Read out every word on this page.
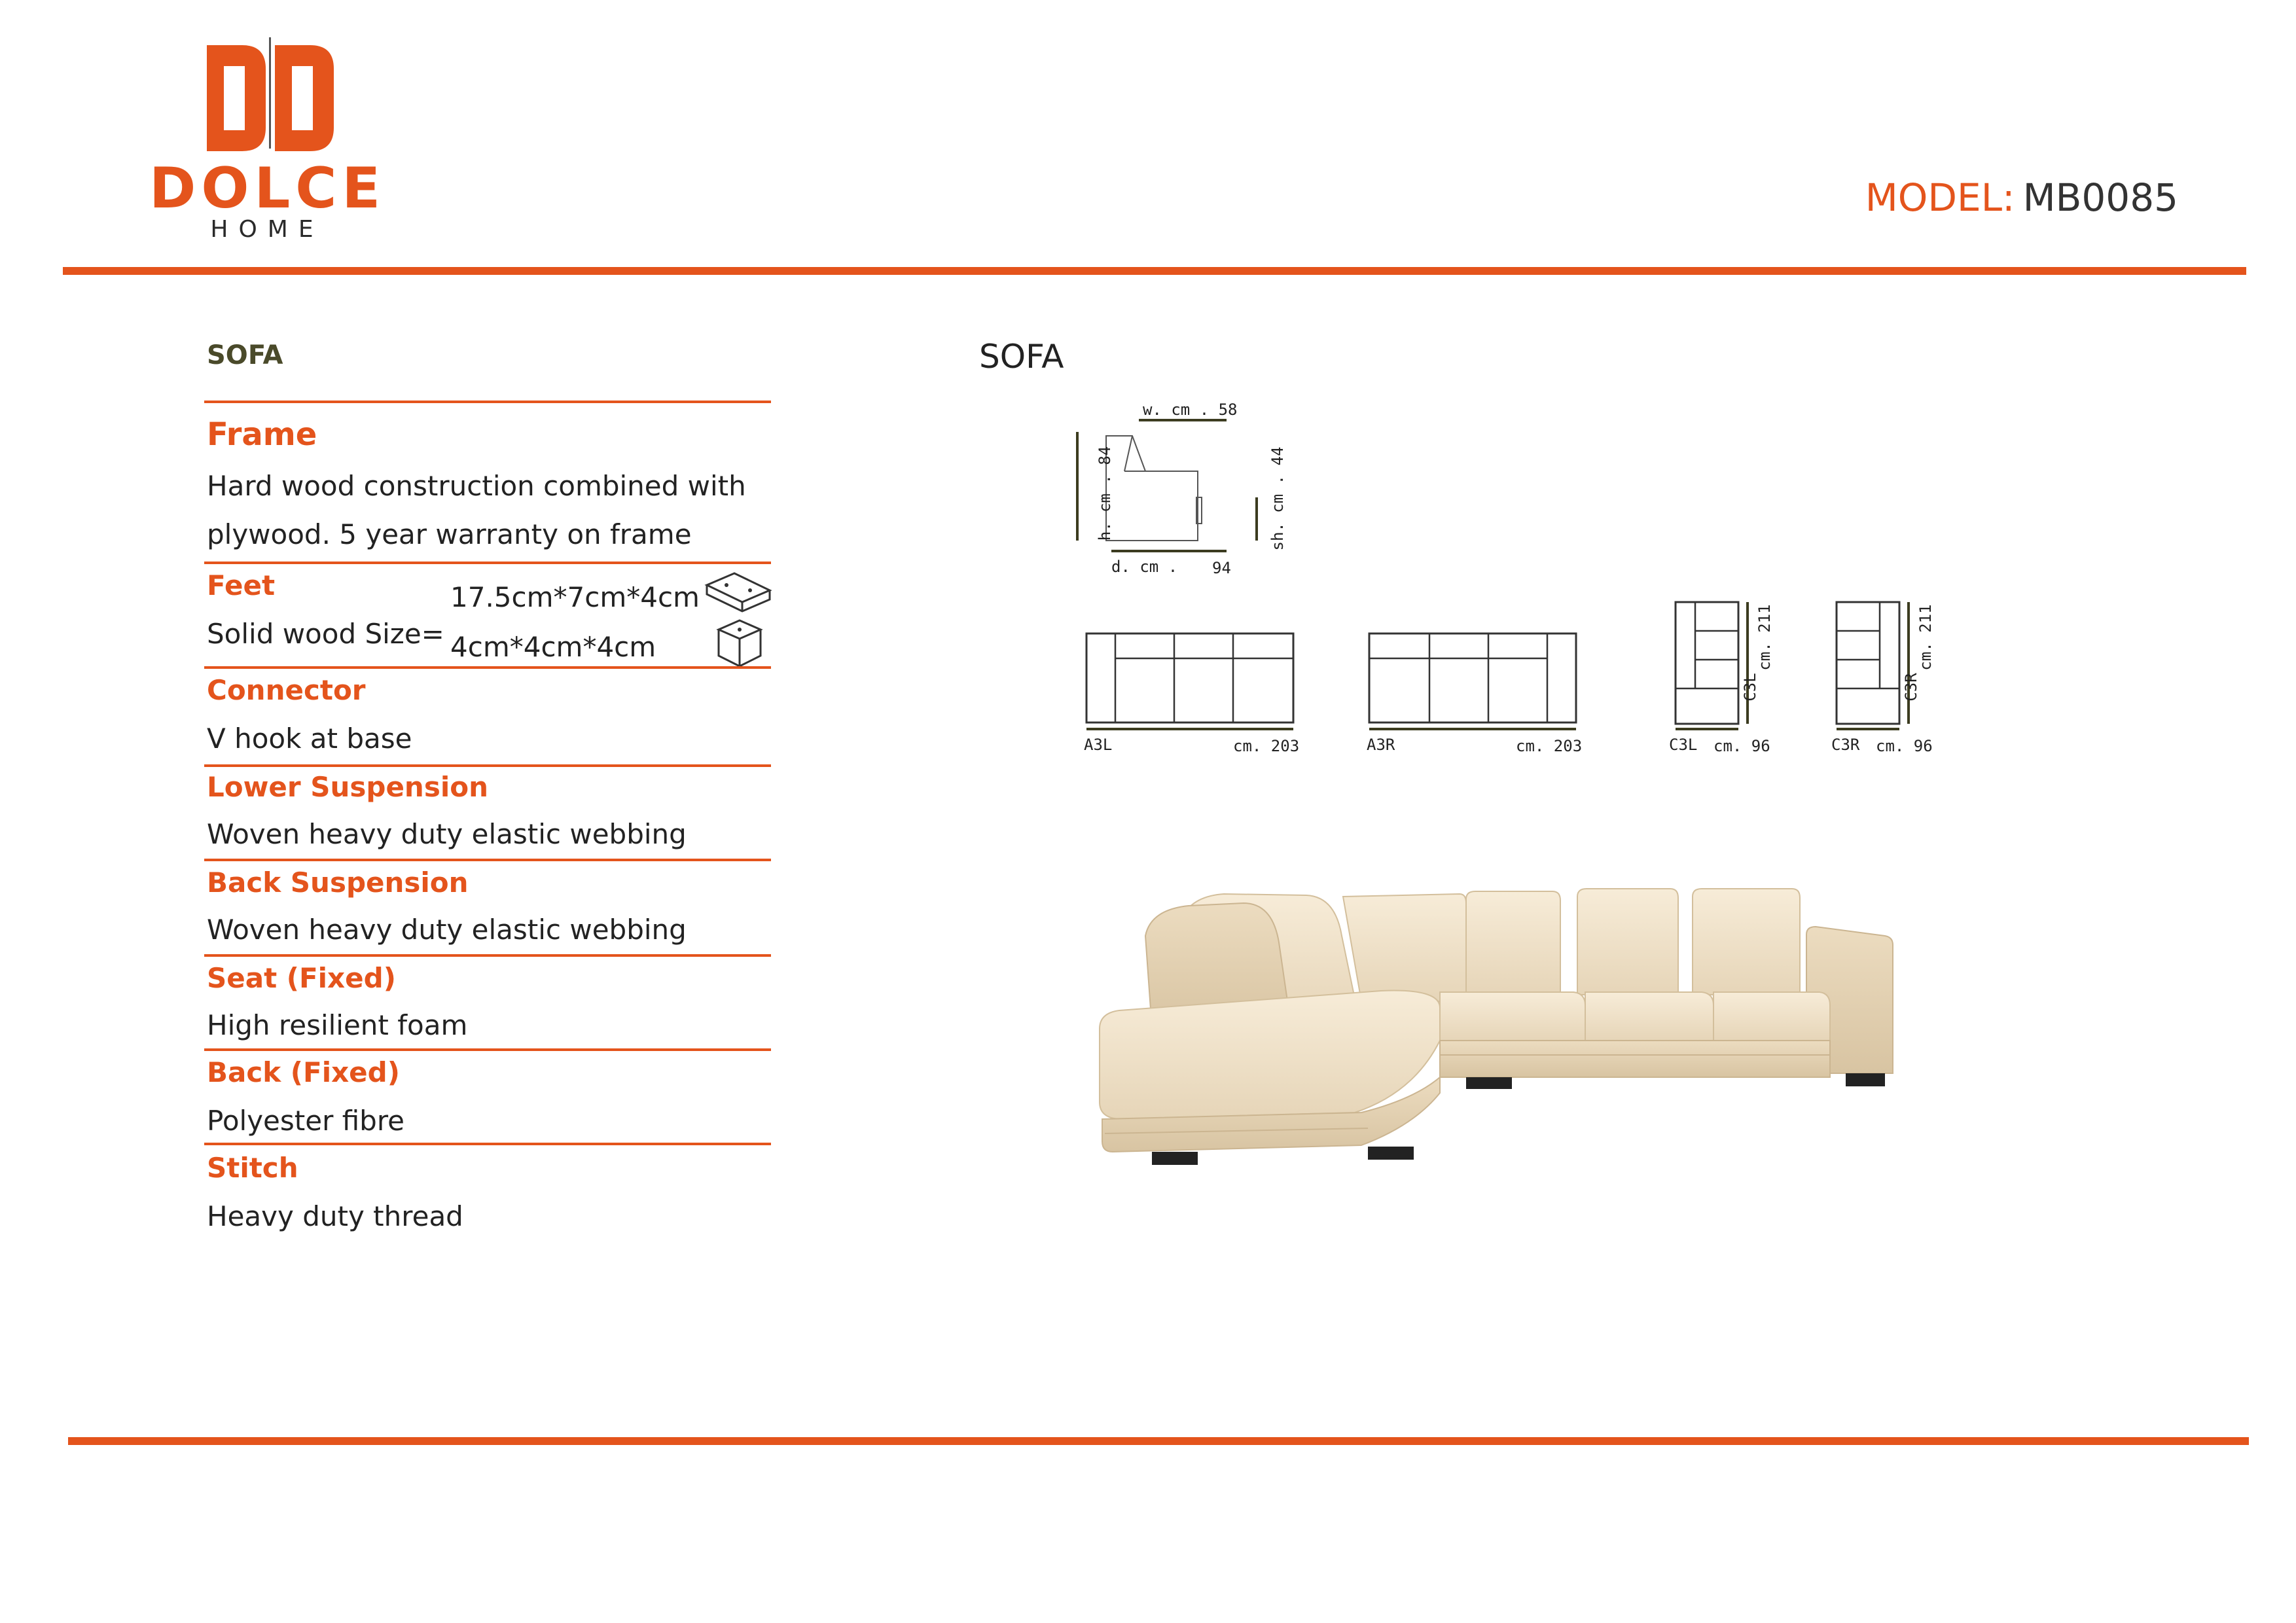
DOLCE
HOME
MODEL: MB0085
SOFA
Frame
Hard wood construction combined with
plywood. 5 year warranty on frame
Feet
Solid wood Size=
17.5cm*7cm*4cm
4cm*4cm*4cm
Connector
V hook at base
Lower Suspension
Woven heavy duty elastic webbing
Back Suspension
Woven heavy duty elastic webbing
Seat (Fixed)
High resilient foam
Back (Fixed)
Polyester fibre
Stitch
Heavy duty thread
SOFA
w. cm . 58
h. cm . 84	sh. cm . 44
d. cm . 94
A3L	cm. 203	A3R	cm. 203	C3L cm. 96
C3L
cm. 211
C3R cm. 96
C3R
cm. 211
